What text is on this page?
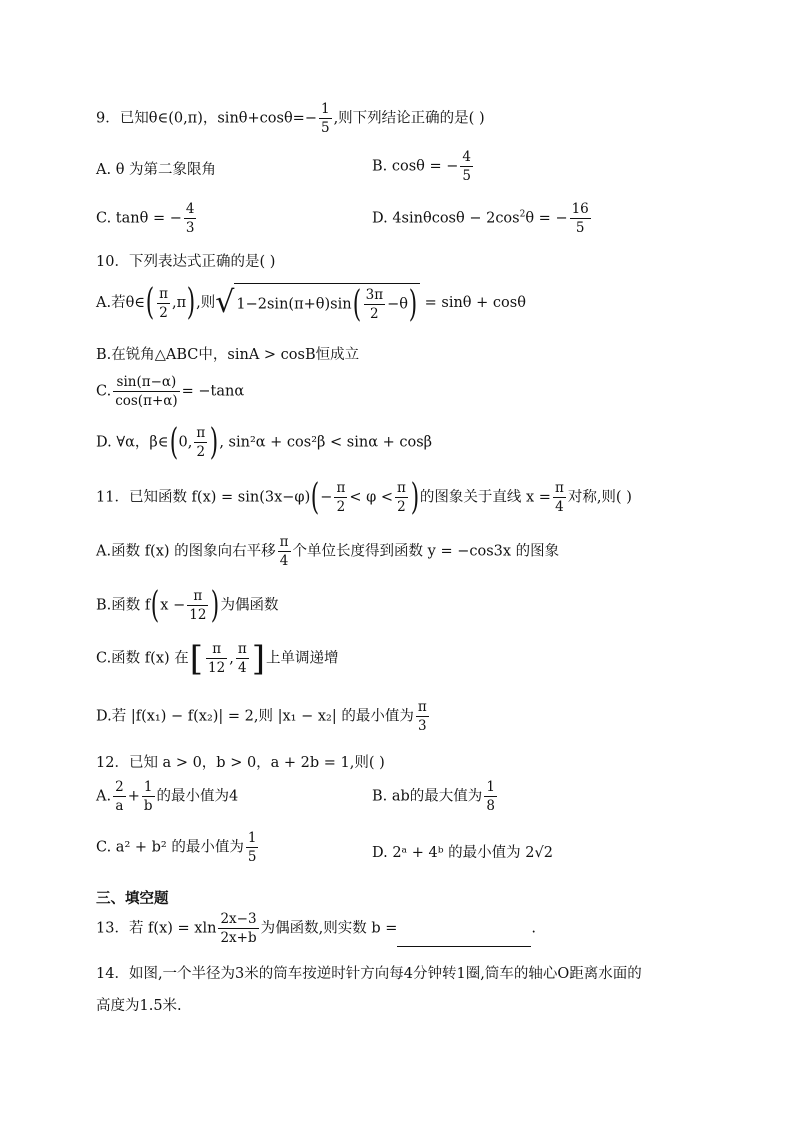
9．已知θ∈(0,π)，$\sin\theta+\cos\theta=- \frac{1}{5}$ ,则下列结论正确的是( )
A. θ 为第二象限角	B. cosθ = − $\frac{4}{5}$
C. tanθ = − $\frac{4}{3}$	D. $4\sin\theta\cos\theta - 2\cos^2\theta$ = − $\frac{16}{5}$
10．下列表达式正确的是( )
A.若θ∈( $\frac{\pi}{2} ,\pi$),则√ $1-2\sin(\pi+\theta)\sin( \frac{3\pi}{2} -\theta) = \sin\theta + \cos\theta$
B.在锐角△ABC中，sinA > cosB恒成立
C. $\frac{\sin(\pi-\alpha)}{\cos(\pi+\alpha)} = -\tan\alpha$
D. ∀α，β∈(0, $\frac{\pi}{2}$ ), sin²α + cos²β < sinα + cosβ
11．已知函数 $f(x) = \sin(3x-\varphi)(- \frac{\pi}{2} < \varphi < \frac{\pi}{2}$ )的图象关于直线 $x = \frac{\pi}{4}$ 对称,则( )
A.函数 f(x) 的图象向右平移 $\frac{\pi}{4}$ 个单位长度得到函数 y = −cos3x 的图象
B.函数 $f(x - \frac{\pi}{12}$ )为偶函数
C.函数 f(x) 在[ $\frac{\pi}{12}$ , $\frac{\pi}{4}$ ]上单调递增
D.若 |f(x₁) − f(x₂)| = 2,则 |x₁ − x₂| 的最小值为 $\frac{\pi}{3}$
12．已知 a > 0，b > 0，a + 2b = 1,则( )
A. $\frac{2}{a} + \frac{1}{b}$ 的最小值为4	B. ab的最大值为 $\frac{1}{8}$
C. a² + b² 的最小值为 $\frac{1}{5}$	D. 2ᵃ + 4ᵇ 的最小值为 2√2
三、填空题
13．若 f(x) = xln $\frac{2x-3}{2x+b}$ 为偶函数,则实数 b =	.
14．如图,一个半径为3米的筒车按逆时针方向每4分钟转1圈,筒车的轴心O距离水面的
高度为1.5米.
